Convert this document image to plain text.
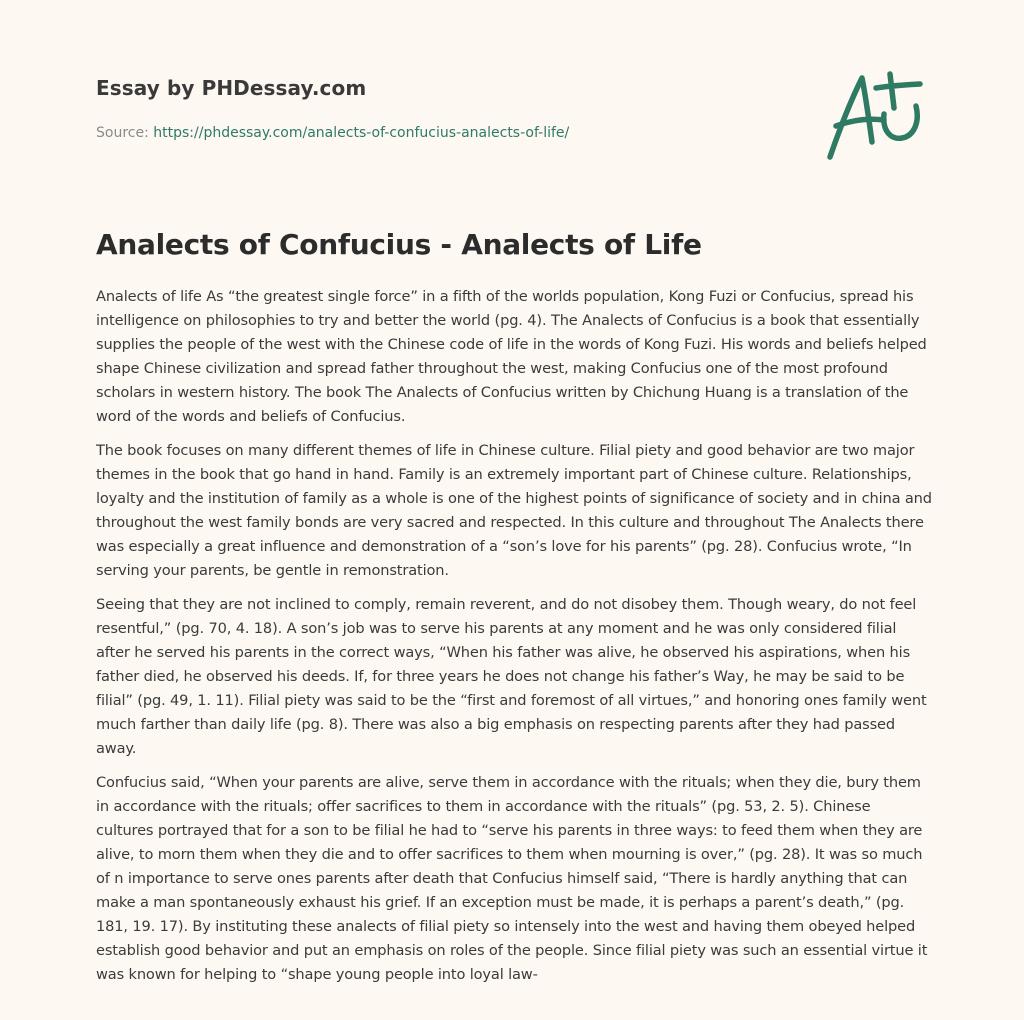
Essay by PHDessay.com
Source: https://phdessay.com/analects-of-confucius-analects-of-life/
Analects of Confucius - Analects of Life

Analects of life As “the greatest single force” in a fifth of the worlds population, Kong Fuzi or Confucius, spread his intelligence on philosophies to try and better the world (pg. 4). The Analects of Confucius is a book that essentially supplies the people of the west with the Chinese code of life in the words of Kong Fuzi. His words and beliefs helped shape Chinese civilization and spread father throughout the west, making Confucius one of the most profound scholars in western history. The book The Analects of Confucius written by Chichung Huang is a translation of the word of the words and beliefs of Confucius.

The book focuses on many different themes of life in Chinese culture. Filial piety and good behavior are two major themes in the book that go hand in hand. Family is an extremely important part of Chinese culture. Relationships, loyalty and the institution of family as a whole is one of the highest points of significance of society and in china and throughout the west family bonds are very sacred and respected. In this culture and throughout The Analects there was especially a great influence and demonstration of a “son’s love for his parents” (pg. 28). Confucius wrote, “In serving your parents, be gentle in remonstration.

Seeing that they are not inclined to comply, remain reverent, and do not disobey them. Though weary, do not feel resentful,” (pg. 70, 4. 18). A son’s job was to serve his parents at any moment and he was only considered filial after he served his parents in the correct ways, “When his father was alive, he observed his aspirations, when his father died, he observed his deeds. If, for three years he does not change his father’s Way, he may be said to be filial” (pg. 49, 1. 11). Filial piety was said to be the “first and foremost of all virtues,” and honoring ones family went much farther than daily life (pg. 8). There was also a big emphasis on respecting parents after they had passed away.

Confucius said, “When your parents are alive, serve them in accordance with the rituals; when they die, bury them in accordance with the rituals; offer sacrifices to them in accordance with the rituals” (pg. 53, 2. 5). Chinese cultures portrayed that for a son to be filial he had to “serve his parents in three ways: to feed them when they are alive, to morn them when they die and to offer sacrifices to them when mourning is over,” (pg. 28). It was so much of n importance to serve ones parents after death that Confucius himself said, “There is hardly anything that can make a man spontaneously exhaust his grief. If an exception must be made, it is perhaps a parent’s death,” (pg. 181, 19. 17). By instituting these analects of filial piety so intensely into the west and having them obeyed helped establish good behavior and put an emphasis on roles of the people. Since filial piety was such an essential virtue it was known for helping to “shape young people into loyal law-
